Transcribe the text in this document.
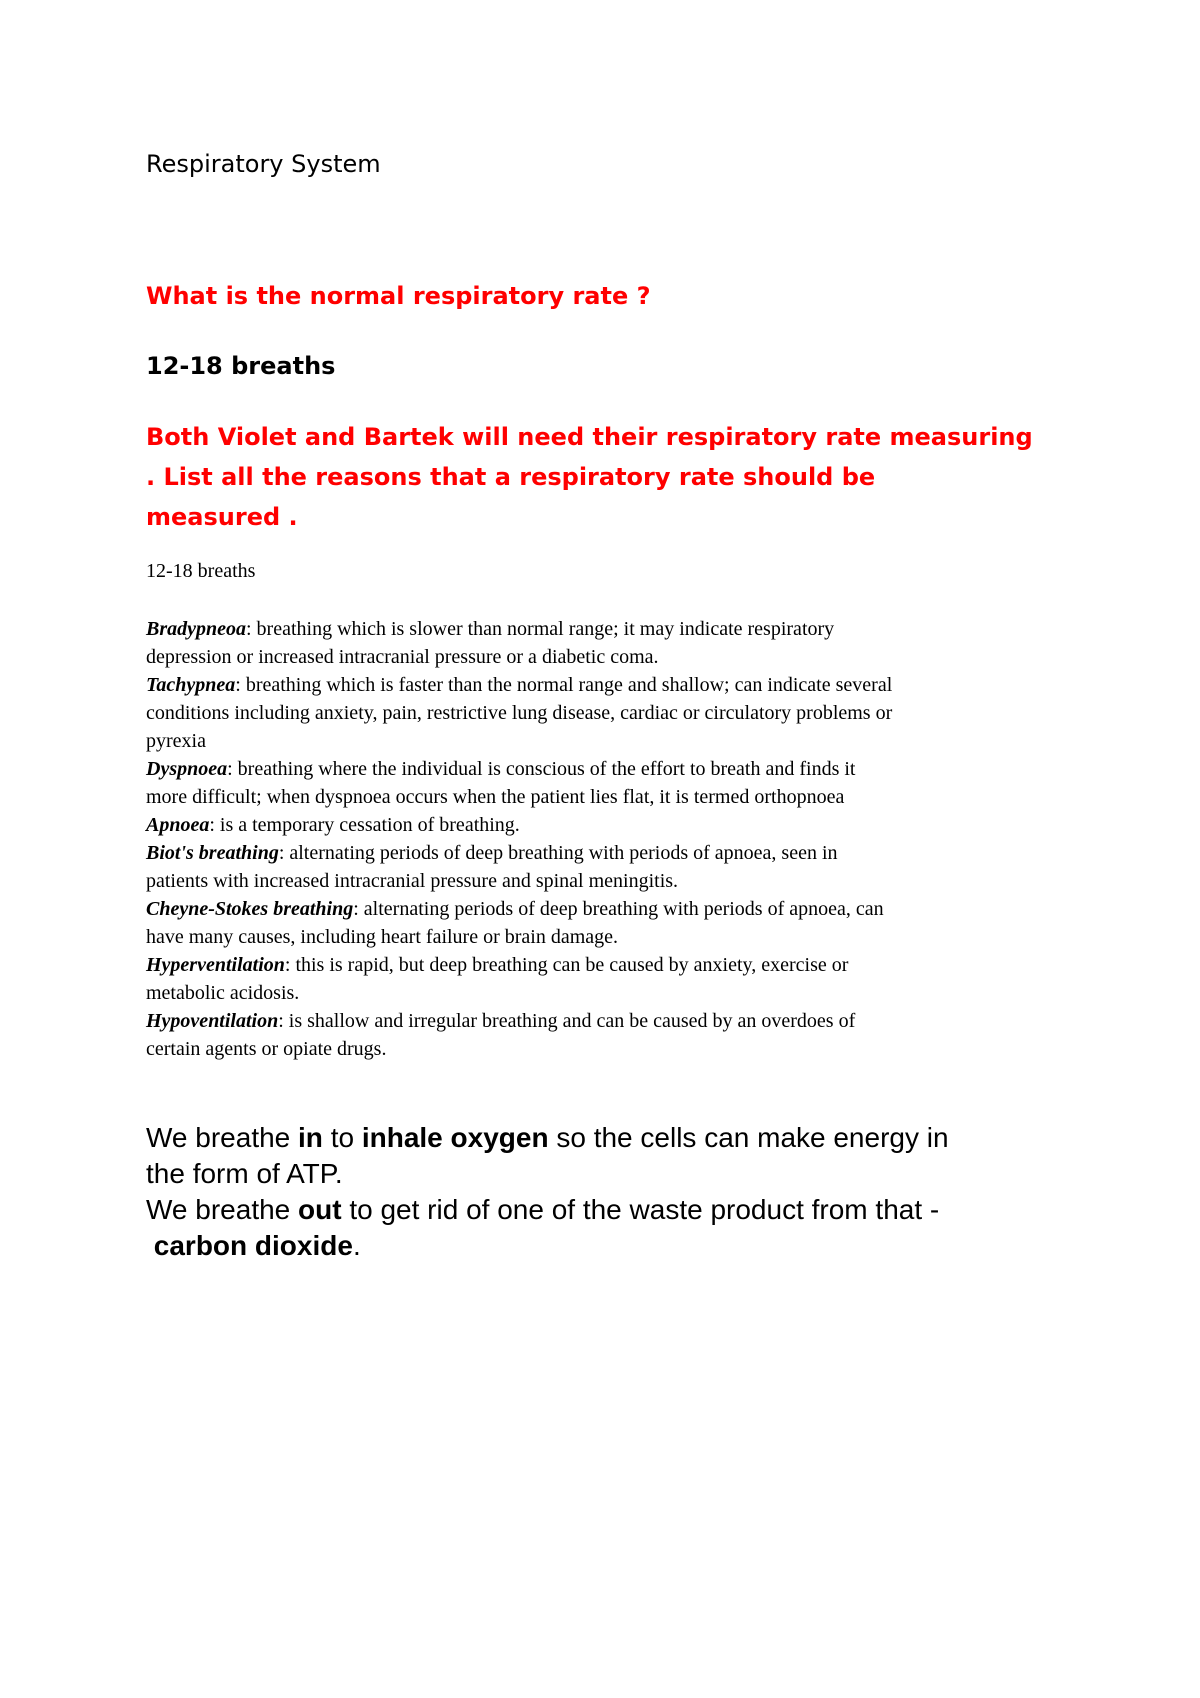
Respiratory System
What is the normal respiratory rate ?
12-18 breaths
Both Violet and Bartek will need their respiratory rate measuring
. List all the reasons that a respiratory rate should be
measured .
12-18 breaths
Bradypneoa: breathing which is slower than normal range; it may indicate respiratory
depression or increased intracranial pressure or a diabetic coma.
Tachypnea: breathing which is faster than the normal range and shallow; can indicate several
conditions including anxiety, pain, restrictive lung disease, cardiac or circulatory problems or
pyrexia
Dyspnoea: breathing where the individual is conscious of the effort to breath and finds it
more difficult; when dyspnoea occurs when the patient lies flat, it is termed orthopnoea
Apnoea: is a temporary cessation of breathing.
Biot's breathing: alternating periods of deep breathing with periods of apnoea, seen in
patients with increased intracranial pressure and spinal meningitis.
Cheyne-Stokes breathing: alternating periods of deep breathing with periods of apnoea, can
have many causes, including heart failure or brain damage.
Hyperventilation: this is rapid, but deep breathing can be caused by anxiety, exercise or
metabolic acidosis.
Hypoventilation: is shallow and irregular breathing and can be caused by an overdoes of
certain agents or opiate drugs.
We breathe in to inhale oxygen so the cells can make energy in
the form of ATP.
We breathe out to get rid of one of the waste product from that -
carbon dioxide.
